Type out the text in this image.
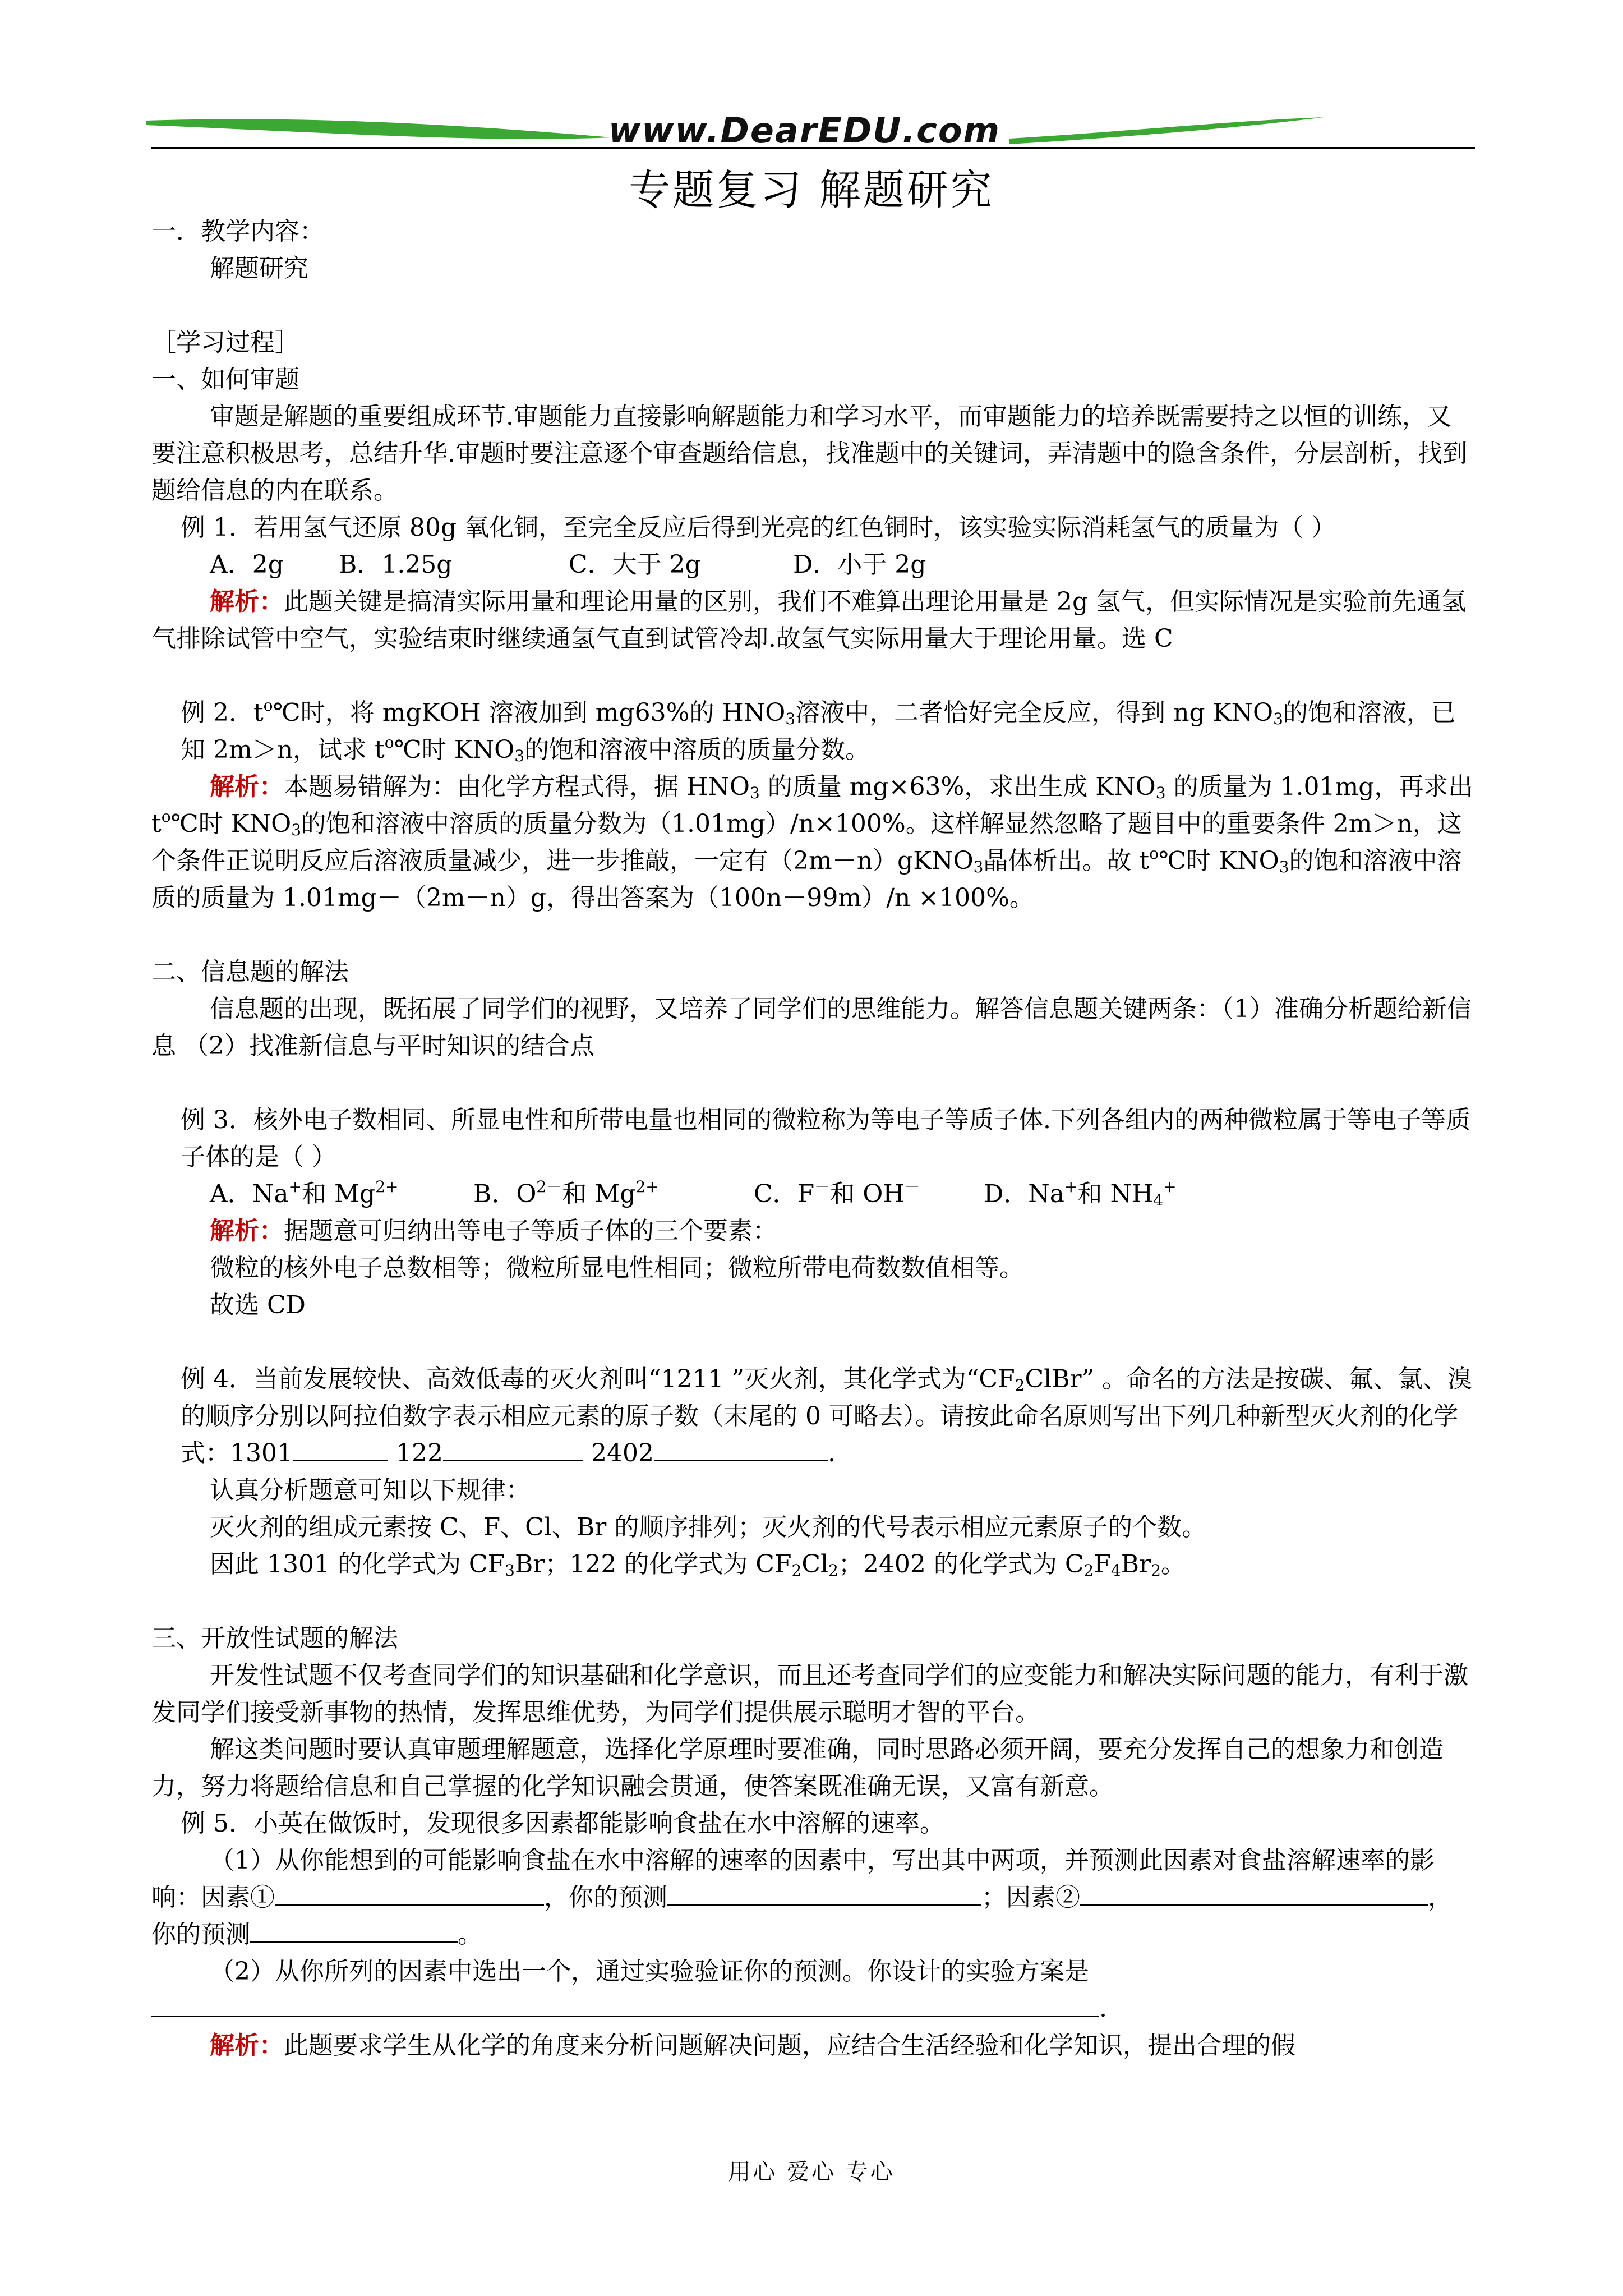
www.DearEDU.com
专题复习 解题研究

一．教学内容：

解题研究

［学习过程］

一、如何审题

审题是解题的重要组成环节.审题能力直接影响解题能力和学习水平，而审题能力的培养既需要持之以恒的训练，又要注意积极思考，总结升华.审题时要注意逐个审查题给信息，找准题中的关键词，弄清题中的隐含条件，分层剖析，找到题给信息的内在联系。

例 1．若用氢气还原 80g 氧化铜，至完全反应后得到光亮的红色铜时，该实验实际消耗氢气的质量为（ ）

A．2g B．1.25g	C．大于 2g	D．小于 2g

解析：此题关键是搞清实际用量和理论用量的区别，我们不难算出理论用量是 2g 氢气，但实际情况是实验前先通氢气排除试管中空气，实验结束时继续通氢气直到试管冷却.故氢气实际用量大于理论用量。选 C

例 2．$t^o℃$时，将 mgKOH 溶液加到 mg63%的 $HNO_3$溶液中，二者恰好完全反应，得到 ng $KNO_3$的饱和溶液，已知 2m＞n，试求 $t^o℃$时 $KNO_3$的饱和溶液中溶质的质量分数。

解析：本题易错解为：由化学方程式得，据 $HNO_3$ 的质量 mg×63%，求出生成 $KNO_3$ 的质量为 1.01mg，再求出 $t^o℃$时 $KNO_3$的饱和溶液中溶质的质量分数为（1.01mg）/n×100%。这样解显然忽略了题目中的重要条件 2m＞n，这个条件正说明反应后溶液质量减少，进一步推敲，一定有（2m－n）gKNO$_3$晶体析出。故 $t^o℃$时 $KNO_3$的饱和溶液中溶质的质量为 1.01mg－（2m－n）g，得出答案为（100n－99m）/n ×100%。

二、信息题的解法

信息题的出现，既拓展了同学们的视野，又培养了同学们的思维能力。解答信息题关键两条：（1）准确分析题给新信息 （2）找准新信息与平时知识的结合点

例 3．核外电子数相同、所显电性和所带电量也相同的微粒称为等电子等质子体.下列各组内的两种微粒属于等电子等质子体的是（ ）

A．Na+和 $Mg^{2+}$	B．$O^{2-}$和 $Mg^{2+}$	C．F－和 OH－	D．Na+和 $NH_4^+$

解析：据题意可归纳出等电子等质子体的三个要素：

微粒的核外电子总数相等；微粒所显电性相同；微粒所带电荷数数值相等。

故选 CD

例 4．当前发展较快、高效低毒的灭火剂叫“1211 ”灭火剂，其化学式为“$CF_2ClBr$” 。命名的方法是按碳、氟、氯、溴的顺序分别以阿拉伯数字表示相应元素的原子数（末尾的 0 可略去）。请按此命名原则写出下列几种新型灭火剂的化学式：1301	122	2402	.

认真分析题意可知以下规律：

灭火剂的组成元素按 C、F、Cl、Br 的顺序排列；灭火剂的代号表示相应元素原子的个数。

因此 1301 的化学式为 $CF_3Br$；122 的化学式为 $CF_2Cl_2$；2402 的化学式为 $C_2F_4Br_2$。

三、开放性试题的解法

开发性试题不仅考查同学们的知识基础和化学意识，而且还考查同学们的应变能力和解决实际问题的能力，有利于激发同学们接受新事物的热情，发挥思维优势，为同学们提供展示聪明才智的平台。

解这类问题时要认真审题理解题意，选择化学原理时要准确，同时思路必须开阔，要充分发挥自己的想象力和创造力，努力将题给信息和自己掌握的化学知识融会贯通，使答案既准确无误，又富有新意。

例 5．小英在做饭时，发现很多因素都能影响食盐在水中溶解的速率。

（1）从你能想到的可能影响食盐在水中溶解的速率的因素中，写出其中两项，并预测此因素对食盐溶解速率的影响：因素①	，你的预测	；因素②	，你的预测	。

（2）从你所列的因素中选出一个，通过实验验证你的预测。你设计的实验方案是

.

解析：此题要求学生从化学的角度来分析问题解决问题，应结合生活经验和化学知识，提出合理的假

用心 爱心 专心
